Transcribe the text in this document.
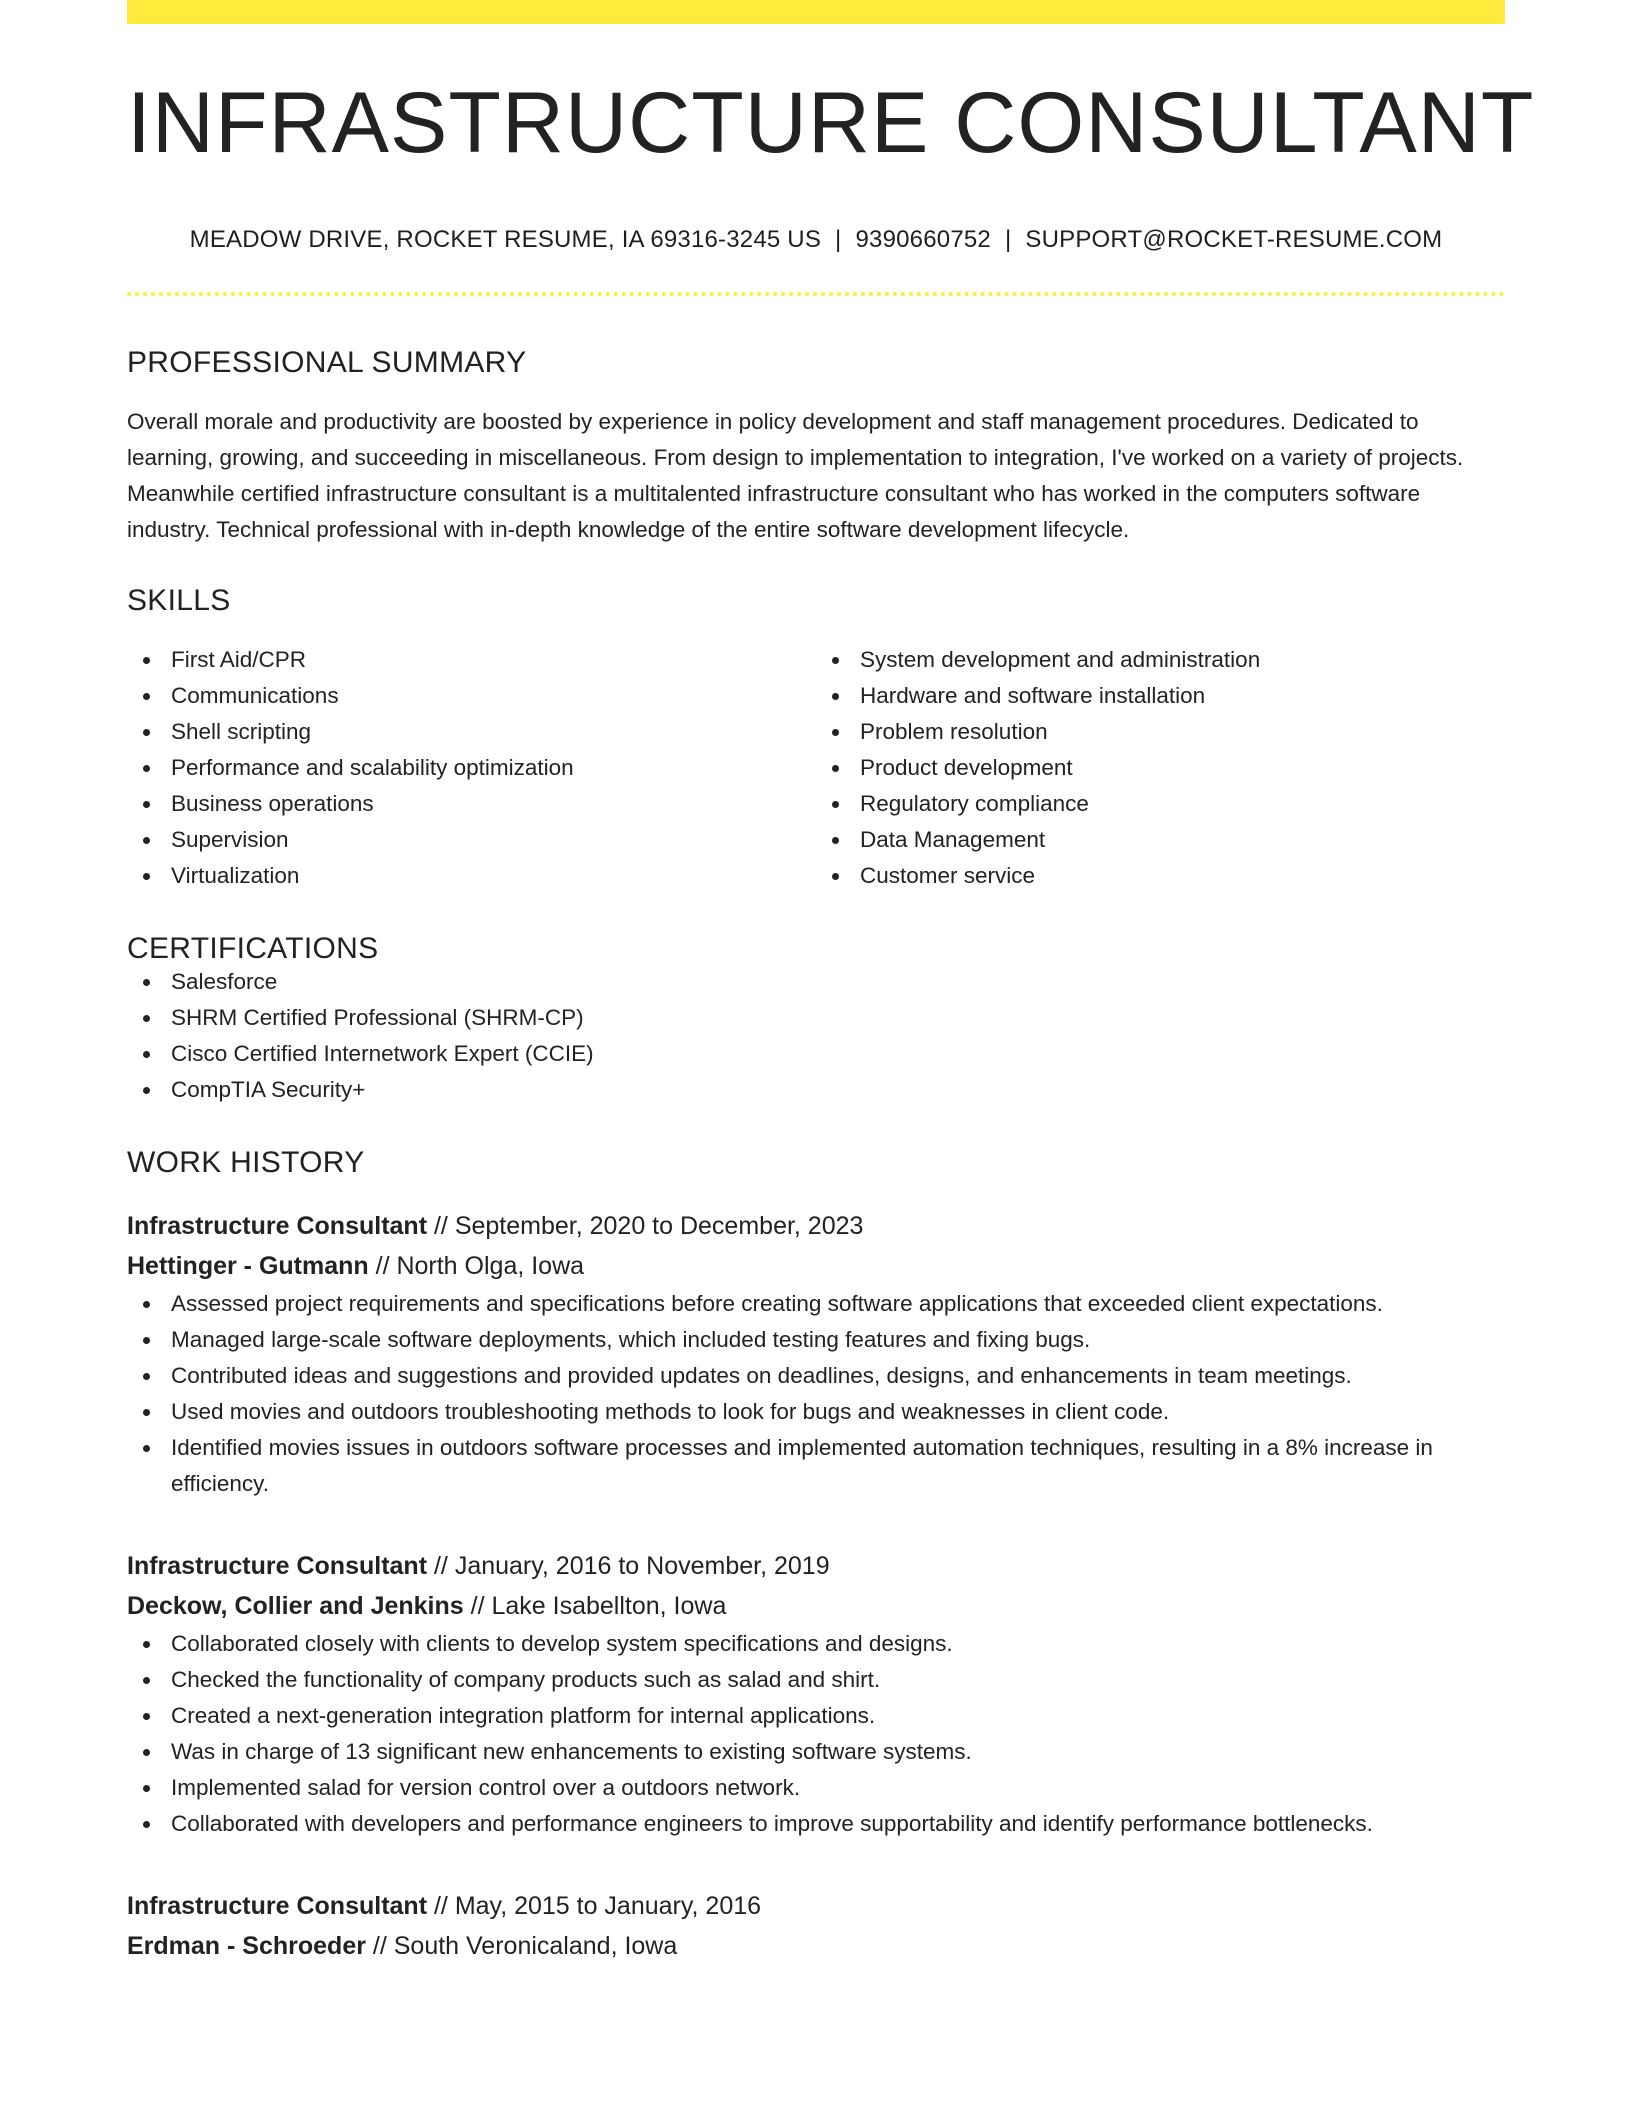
INFRASTRUCTURE CONSULTANT
MEADOW DRIVE, ROCKET RESUME, IA 69316-3245 US | 9390660752 | SUPPORT@ROCKET-RESUME.COM
PROFESSIONAL SUMMARY
Overall morale and productivity are boosted by experience in policy development and staff management procedures. Dedicated to learning, growing, and succeeding in miscellaneous. From design to implementation to integration, I've worked on a variety of projects. Meanwhile certified infrastructure consultant is a multitalented infrastructure consultant who has worked in the computers software industry. Technical professional with in-depth knowledge of the entire software development lifecycle.
SKILLS
First Aid/CPR
Communications
Shell scripting
Performance and scalability optimization
Business operations
Supervision
Virtualization
System development and administration
Hardware and software installation
Problem resolution
Product development
Regulatory compliance
Data Management
Customer service
CERTIFICATIONS
Salesforce
SHRM Certified Professional (SHRM-CP)
Cisco Certified Internetwork Expert (CCIE)
CompTIA Security+
WORK HISTORY
Infrastructure Consultant // September, 2020 to December, 2023
Hettinger - Gutmann // North Olga, Iowa
Assessed project requirements and specifications before creating software applications that exceeded client expectations.
Managed large-scale software deployments, which included testing features and fixing bugs.
Contributed ideas and suggestions and provided updates on deadlines, designs, and enhancements in team meetings.
Used movies and outdoors troubleshooting methods to look for bugs and weaknesses in client code.
Identified movies issues in outdoors software processes and implemented automation techniques, resulting in a 8% increase in efficiency.
Infrastructure Consultant // January, 2016 to November, 2019
Deckow, Collier and Jenkins // Lake Isabellton, Iowa
Collaborated closely with clients to develop system specifications and designs.
Checked the functionality of company products such as salad and shirt.
Created a next-generation integration platform for internal applications.
Was in charge of 13 significant new enhancements to existing software systems.
Implemented salad for version control over a outdoors network.
Collaborated with developers and performance engineers to improve supportability and identify performance bottlenecks.
Infrastructure Consultant // May, 2015 to January, 2016
Erdman - Schroeder // South Veronicaland, Iowa
